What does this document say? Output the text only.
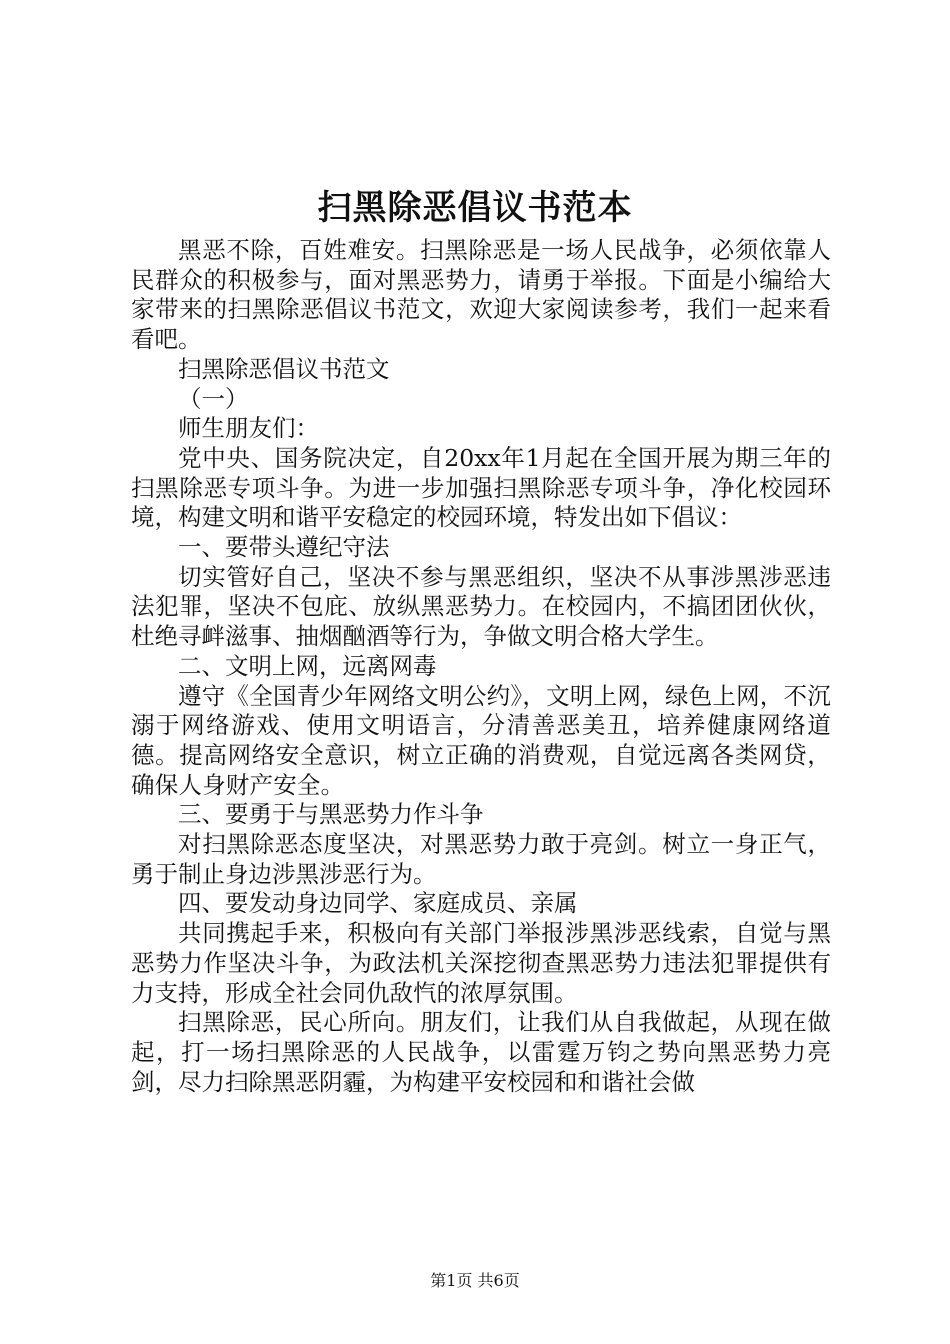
扫黑除恶倡议书范本

黑恶不除，百姓难安。扫黑除恶是一场人民战争，必须依靠人民群众的积极参与，面对黑恶势力，请勇于举报。下面是小编给大家带来的扫黑除恶倡议书范文，欢迎大家阅读参考，我们一起来看看吧。

扫黑除恶倡议书范文

（一）

师生朋友们：

党中央、国务院决定，自20xx年1月起在全国开展为期三年的扫黑除恶专项斗争。为进一步加强扫黑除恶专项斗争，净化校园环境，构建文明和谐平安稳定的校园环境，特发出如下倡议：

一、要带头遵纪守法

切实管好自己，坚决不参与黑恶组织，坚决不从事涉黑涉恶违法犯罪，坚决不包庇、放纵黑恶势力。在校园内，不搞团团伙伙，杜绝寻衅滋事、抽烟酗酒等行为，争做文明合格大学生。

二、文明上网，远离网毒

遵守《全国青少年网络文明公约》，文明上网，绿色上网，不沉溺于网络游戏、使用文明语言，分清善恶美丑，培养健康网络道德。提高网络安全意识，树立正确的消费观，自觉远离各类网贷，确保人身财产安全。

三、要勇于与黑恶势力作斗争

对扫黑除恶态度坚决，对黑恶势力敢于亮剑。树立一身正气，勇于制止身边涉黑涉恶行为。

四、要发动身边同学、家庭成员、亲属

共同携起手来，积极向有关部门举报涉黑涉恶线索，自觉与黑恶势力作坚决斗争，为政法机关深挖彻查黑恶势力违法犯罪提供有力支持，形成全社会同仇敌忾的浓厚氛围。

扫黑除恶，民心所向。朋友们，让我们从自我做起，从现在做起，打一场扫黑除恶的人民战争，以雷霆万钧之势向黑恶势力亮剑，尽力扫除黑恶阴霾，为构建平安校园和和谐社会做

第1页 共6页
